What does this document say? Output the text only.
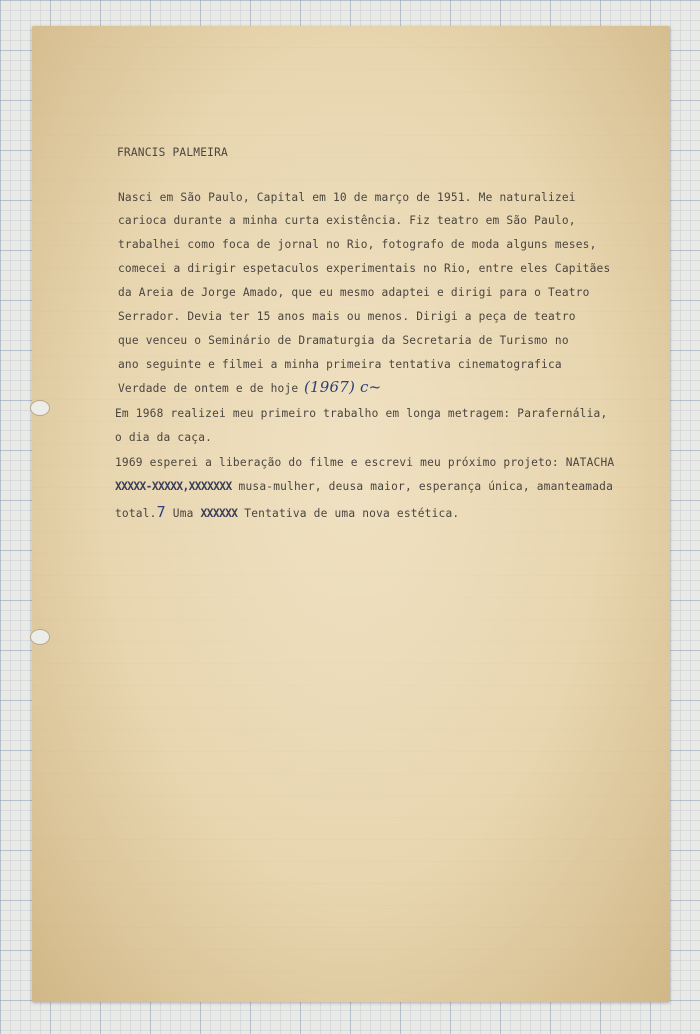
FRANCIS PALMEIRA
Nasci em São Paulo, Capital em 10 de março de 1951. Me naturalizei
carioca durante a minha curta existência. Fiz teatro em São Paulo,
trabalhei como foca de jornal no Rio, fotografo de moda alguns meses,
comecei a dirigir espetaculos experimentais no Rio, entre eles Capitães
da Areia de Jorge Amado, que eu mesmo adaptei e dirigi para o Teatro
Serrador. Devia ter 15 anos mais ou menos. Dirigi a peça de teatro
que venceu o Seminário de Dramaturgia da Secretaria de Turismo no
ano seguinte e filmei a minha primeira tentativa cinematografica
Verdade de ontem e de hoje (1967) c~
Em 1968 realizei meu primeiro trabalho em longa metragem: Parafernália,
o dia da caça.
1969 esperei a liberação do filme e escrevi meu próximo projeto: NATACHA
XXXXX-XXXXX,XXXXXXX musa-mulher, deusa maior, esperança única, amanteamada
total.7 Uma XXXXXX Tentativa de uma nova estética.
